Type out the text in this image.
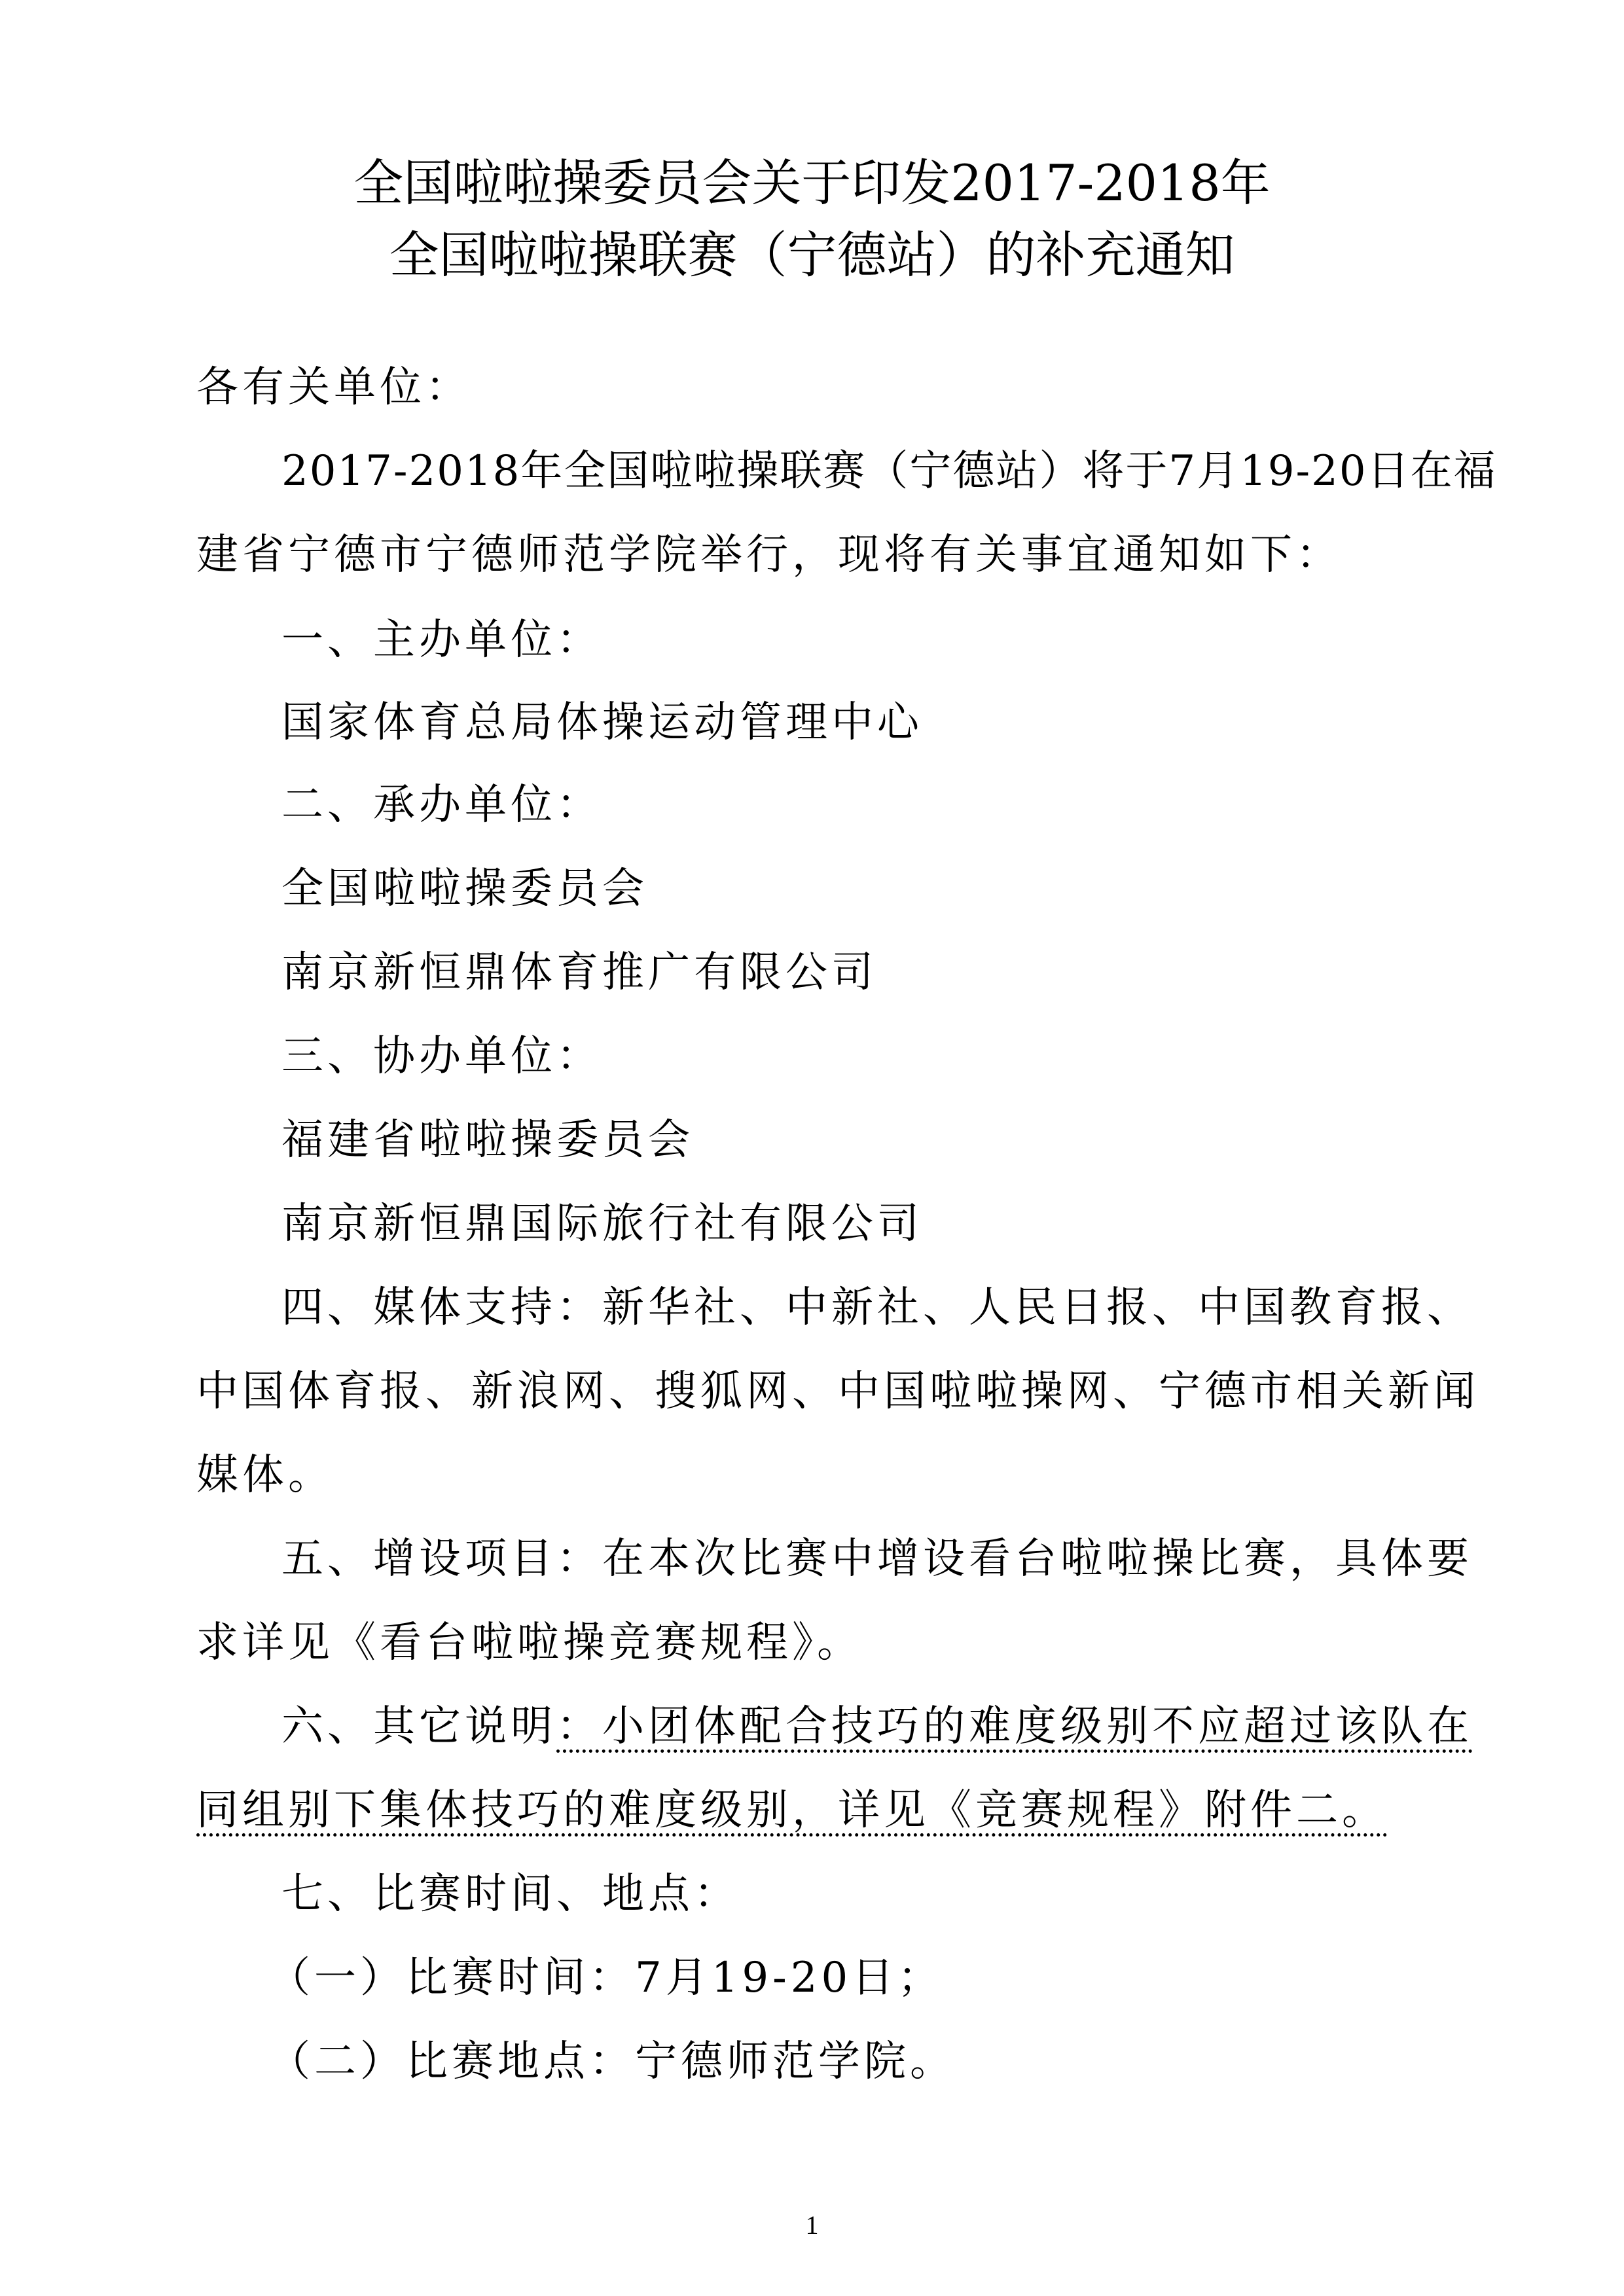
全国啦啦操委员会关于印发2017-2018年
全国啦啦操联赛（宁德站）的补充通知
各有关单位：
2017-2018年全国啦啦操联赛（宁德站）将于7月19-20日在福
建省宁德市宁德师范学院举行，现将有关事宜通知如下：
一、主办单位：
国家体育总局体操运动管理中心
二、承办单位：
全国啦啦操委员会
南京新恒鼎体育推广有限公司
三、协办单位：
福建省啦啦操委员会
南京新恒鼎国际旅行社有限公司
四、媒体支持：新华社、中新社、人民日报、中国教育报、
中国体育报、新浪网、搜狐网、中国啦啦操网、宁德市相关新闻
媒体。
五、增设项目：在本次比赛中增设看台啦啦操比赛，具体要
求详见《看台啦啦操竞赛规程》。
六、其它说明：小团体配合技巧的难度级别不应超过该队在
同组别下集体技巧的难度级别，详见《竞赛规程》附件二。
七、比赛时间、地点：
（一）比赛时间：7月19-20日；
（二）比赛地点：宁德师范学院。
1
